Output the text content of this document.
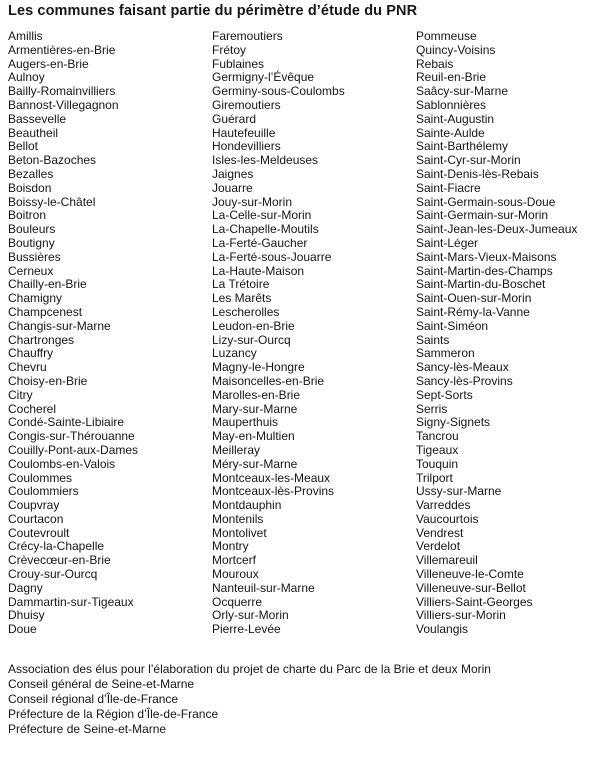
Les communes faisant partie du périmètre d’étude du PNR
Amillis
Armentières-en-Brie
Augers-en-Brie
Aulnoy
Bailly-Romainvilliers
Bannost-Villegagnon
Bassevelle
Beautheil
Bellot
Beton-Bazoches
Bezalles
Boisdon
Boissy-le-Châtel
Boitron
Bouleurs
Boutigny
Bussières
Cerneux
Chailly-en-Brie
Chamigny
Champcenest
Changis-sur-Marne
Chartronges
Chauffry
Chevru
Choisy-en-Brie
Citry
Cocherel
Condé-Sainte-Libiaire
Congis-sur-Thérouanne
Couilly-Pont-aux-Dames
Coulombs-en-Valois
Coulommes
Coulommiers
Coupvray
Courtacon
Coutevroult
Crécy-la-Chapelle
Crèvecœur-en-Brie
Crouy-sur-Ourcq
Dagny
Dammartin-sur-Tigeaux
Dhuisy
Doue
Faremoutiers
Frétoy
Fublaines
Germigny-l’Évêque
Germiny-sous-Coulombs
Giremoutiers
Guérard
Hautefeuille
Hondevilliers
Isles-les-Meldeuses
Jaignes
Jouarre
Jouy-sur-Morin
La-Celle-sur-Morin
La-Chapelle-Moutils
La-Ferté-Gaucher
La-Ferté-sous-Jouarre
La-Haute-Maison
La Trétoire
Les Marêts
Lescherolles
Leudon-en-Brie
Lizy-sur-Ourcq
Luzancy
Magny-le-Hongre
Maisoncelles-en-Brie
Marolles-en-Brie
Mary-sur-Marne
Mauperthuis
May-en-Multien
Meilleray
Méry-sur-Marne
Montceaux-les-Meaux
Montceaux-lès-Provins
Montdauphin
Montenils
Montolivet
Montry
Mortcerf
Mouroux
Nanteuil-sur-Marne
Ocquerre
Orly-sur-Morin
Pierre-Levée
Pommeuse
Quincy-Voisins
Rebais
Reuil-en-Brie
Saâcy-sur-Marne
Sablonnières
Saint-Augustin
Sainte-Aulde
Saint-Barthélemy
Saint-Cyr-sur-Morin
Saint-Denis-lès-Rebais
Saint-Fiacre
Saint-Germain-sous-Doue
Saint-Germain-sur-Morin
Saint-Jean-les-Deux-Jumeaux
Saint-Léger
Saint-Mars-Vieux-Maisons
Saint-Martin-des-Champs
Saint-Martin-du-Boschet
Saint-Ouen-sur-Morin
Saint-Rémy-la-Vanne
Saint-Siméon
Saints
Sammeron
Sancy-lès-Meaux
Sancy-lès-Provins
Sept-Sorts
Serris
Signy-Signets
Tancrou
Tigeaux
Touquin
Trilport
Ussy-sur-Marne
Varreddes
Vaucourtois
Vendrest
Verdelot
Villemareuil
Villeneuve-le-Comte
Villeneuve-sur-Bellot
Villiers-Saint-Georges
Villiers-sur-Morin
Voulangis
Association des élus pour l’élaboration du projet de charte du Parc de la Brie et deux Morin
Conseil général de Seine-et-Marne
Conseil régional d’Île-de-France
Préfecture de la Région d’Île-de-France
Préfecture de Seine-et-Marne
